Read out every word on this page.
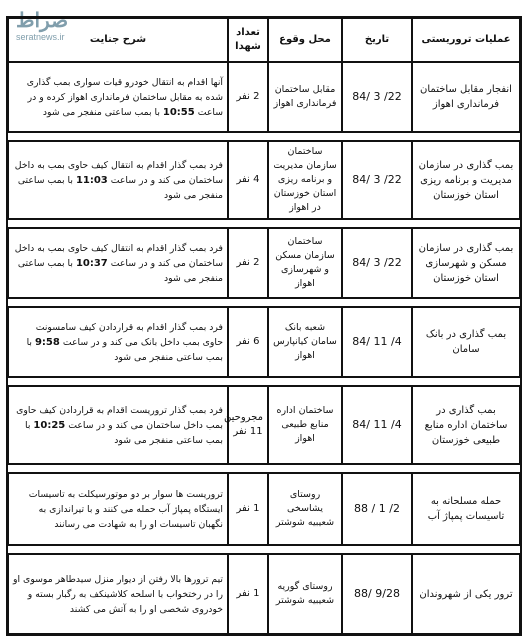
صراط
seratnews.ir	عملیات تروریستی	تاریخ	محل وقوع	تعداد شهدا	شرح جنایت
انفجار مقابل ساختمان فرمانداری اهواز	84/ 3 /22	مقابل ساختمان فرمانداری اهواز	2 نفر	آنها اقدام به انتقال خودرو قیات سواری بمب گذاری شده به مقابل ساختمان فرمانداری اهواز کرده و در ساعت 10:55 با بمب ساعتی منفجر می شود

بمب گذاری در سازمان مدیریت و برنامه ریزی استان خوزستان	84/ 3 /22	ساختمان سازمان مدیریت و برنامه ریزی استان خوزستان در اهواز	4 نفر	فرد بمب گذار اقدام به انتقال کیف حاوی بمب به داخل ساختمان می کند و در ساعت 11:03 با بمب ساعتی منفجر می شود

بمب گذاری در سازمان مسکن و شهرسازی استان خوزستان	84/ 3 /22	ساختمان سازمان مسکن و شهرسازی اهواز	2 نفر	فرد بمب گذار اقدام به انتقال کیف حاوی بمب به داخل ساختمان می کند و در ساعت 10:37 با بمب ساعتی منفجر می شود

بمب گذاری در بانک سامان	84/ 11 /4	شعبه بانک سامان کیانپارس اهواز	6 نفر	فرد بمب گذار اقدام به قراردادن کیف سامسونت حاوی بمب داخل بانک می کند و در ساعت 9:58 با بمب ساعتی منفجر می شود

بمب گذاری در ساختمان اداره منابع طبیعی خوزستان	84/ 11 /4	ساختمان اداره منابع طبیعی اهواز	مجروحین 11 نفر	فرد بمب گذار تروریست اقدام به قراردادن کیف حاوی بمب داخل ساختمان می کند و در ساعت 10:25 با بمب ساعتی منفجر می شود

حمله مسلحانه به تاسیسات پمپاژ آب	88 / 1 /2	روستای یشاسخی شعیبیه شوشتر	1 نفر	تروریست ها سوار بر دو موتورسیکلت به تاسیسات ایستگاه پمپاژ آب حمله می کنند و با تیراندازی به نگهبان تاسیسات او را به شهادت می رسانند

ترور یکی از شهروندان	88/ 9/28	روستای گوریه شعیبیه شوشتر	1 نفر	تیم ترورها بالا رفتن از دیوار منزل سیدطاهر موسوی او را در رختخواب با اسلحه کلاشینکف به رگبار بسته و خودروی شخصی او را به آتش می کشند
